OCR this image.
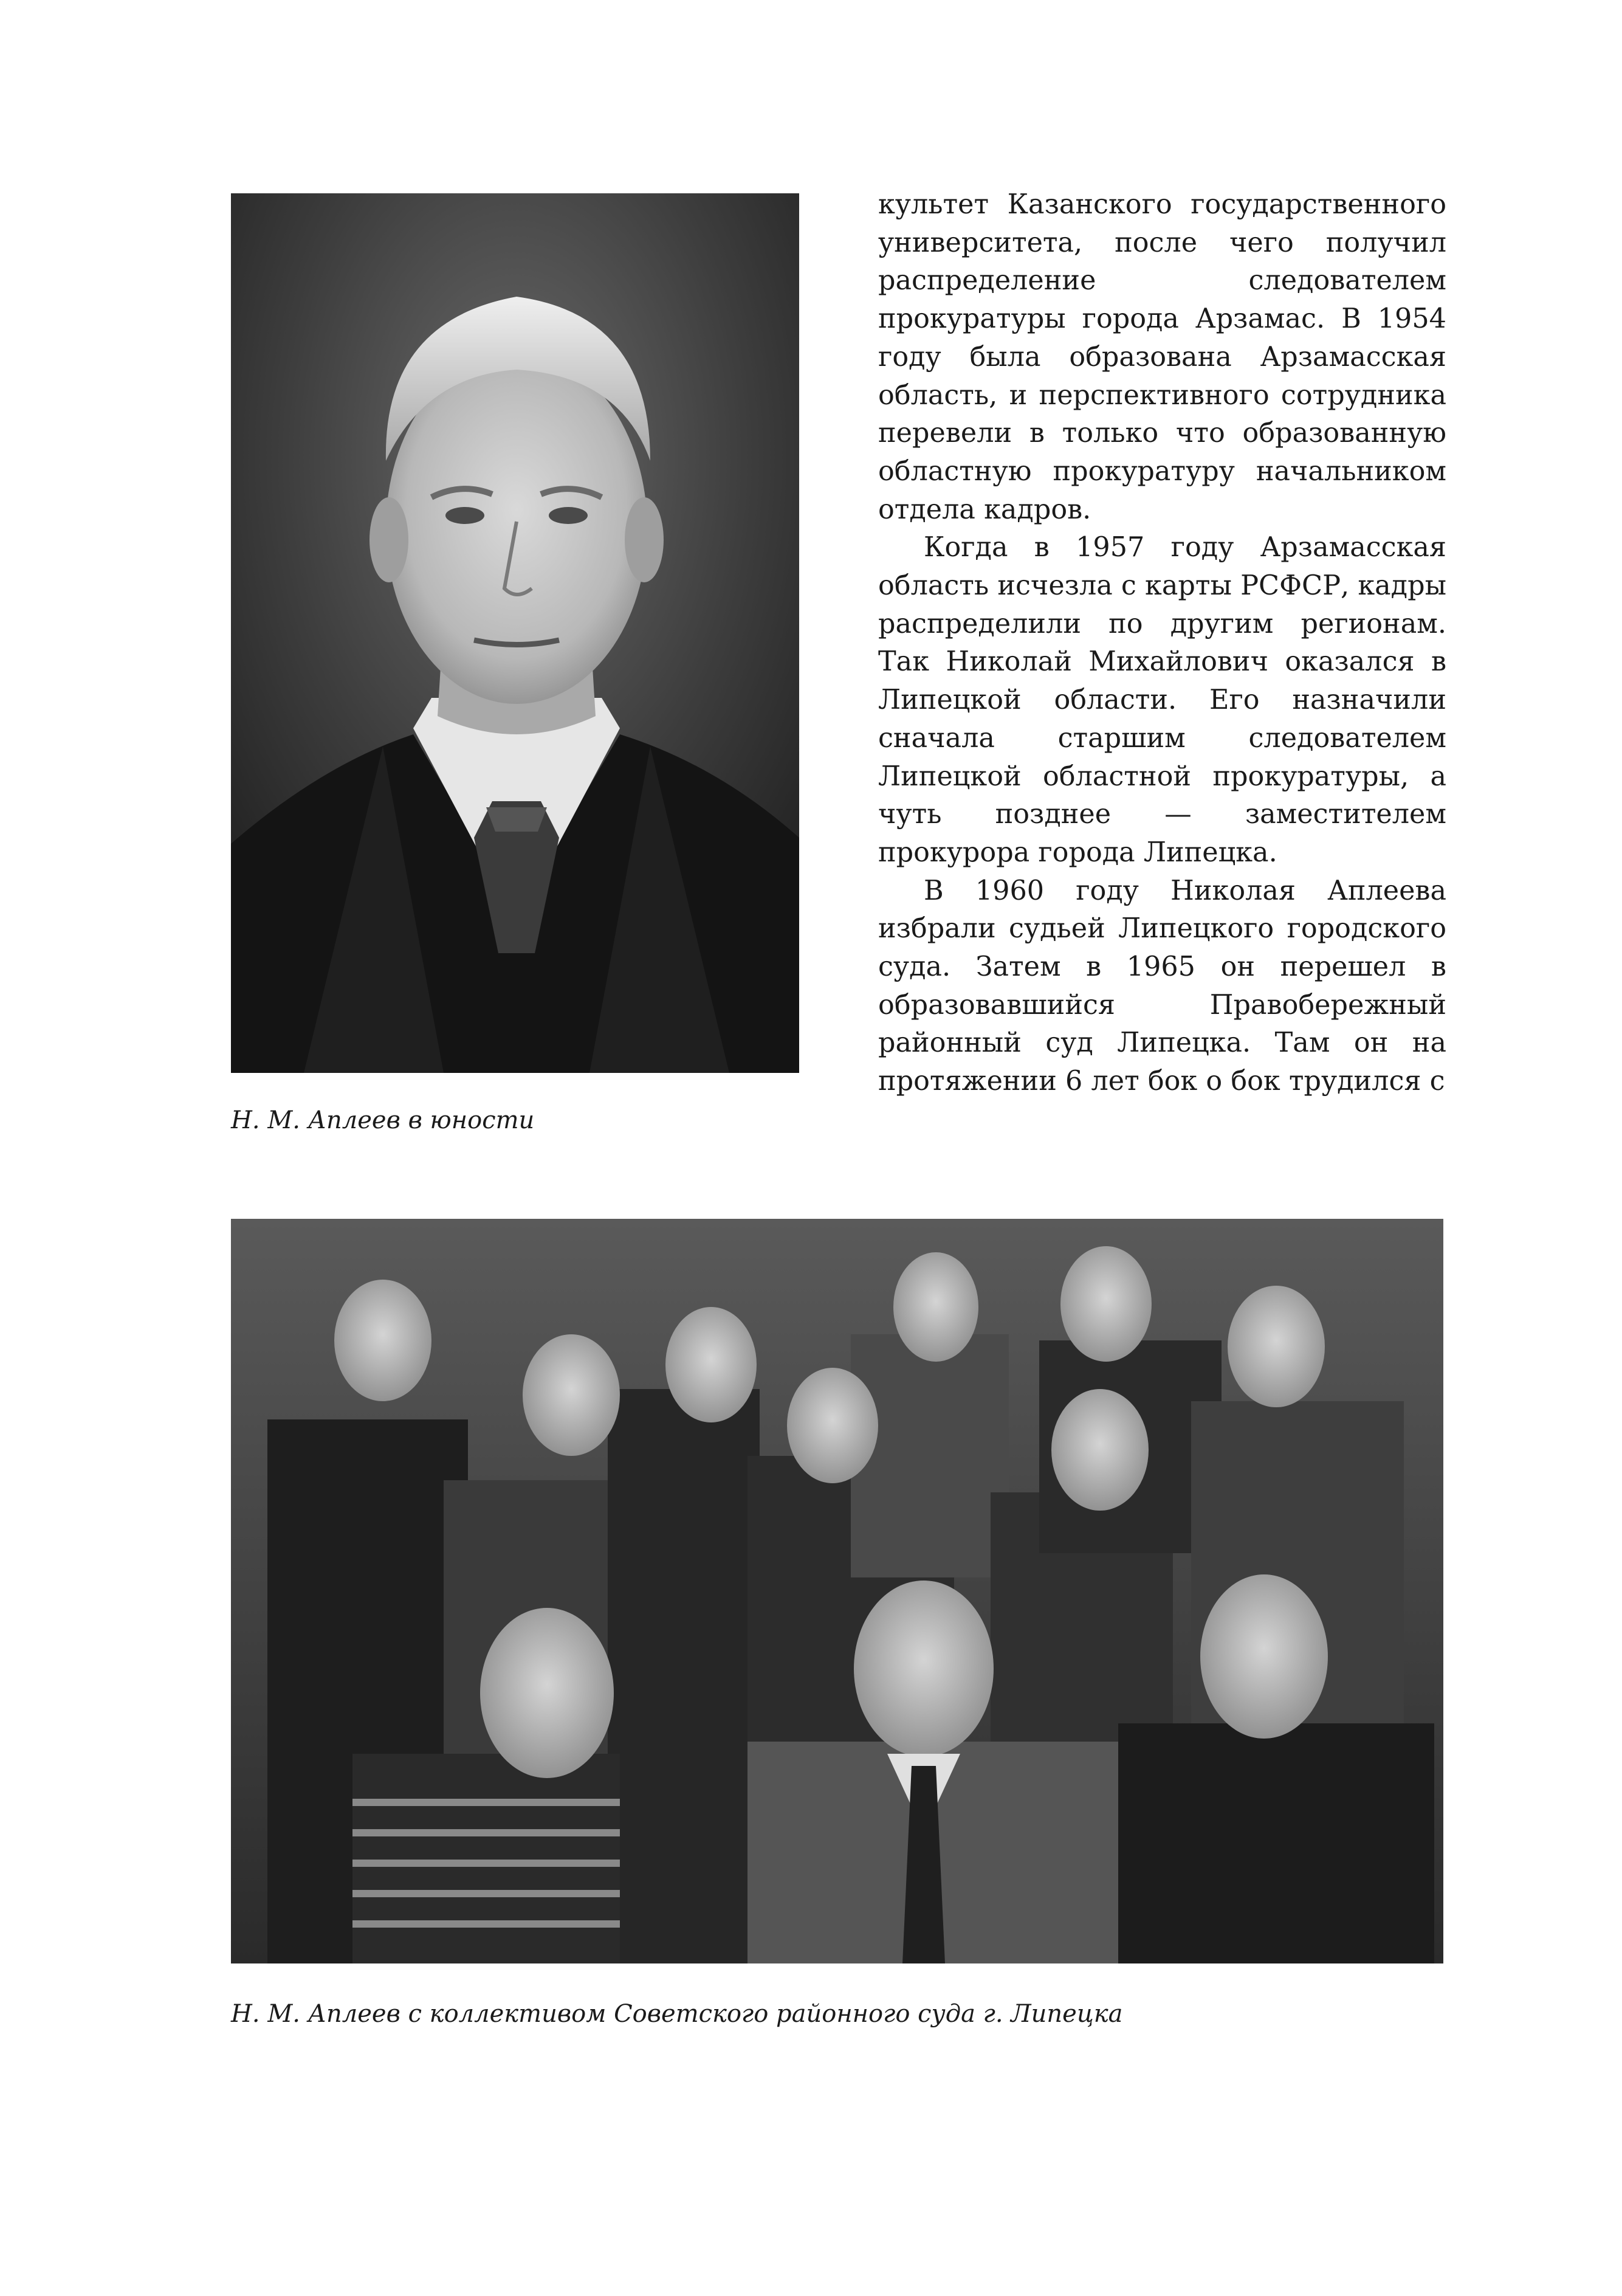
Н. М. Аплеев в юности

культет Казанского государственного университета, после чего получил распределение следователем прокуратуры города Арзамас. В 1954 году была образована Арзамасская область, и перспективного сотрудника перевели в только что образованную областную прокуратуру начальником отдела кадров.

Когда в 1957 году Арзамасская область исчезла с карты РСФСР, кадры распределили по другим регионам. Так Николай Михайлович оказался в Липецкой области. Его назначили сначала старшим следователем Липецкой областной прокуратуры, а чуть позднее — заместителем прокурора города Липецка.

В 1960 году Николая Аплеева избрали судьей Липецкого городского суда. Затем в 1965 он перешел в образовавшийся Правобережный районный суд Липецка. Там он на протяжении 6 лет бок о бок трудился с

Н. М. Аплеев с коллективом Советского районного суда г. Липецка
